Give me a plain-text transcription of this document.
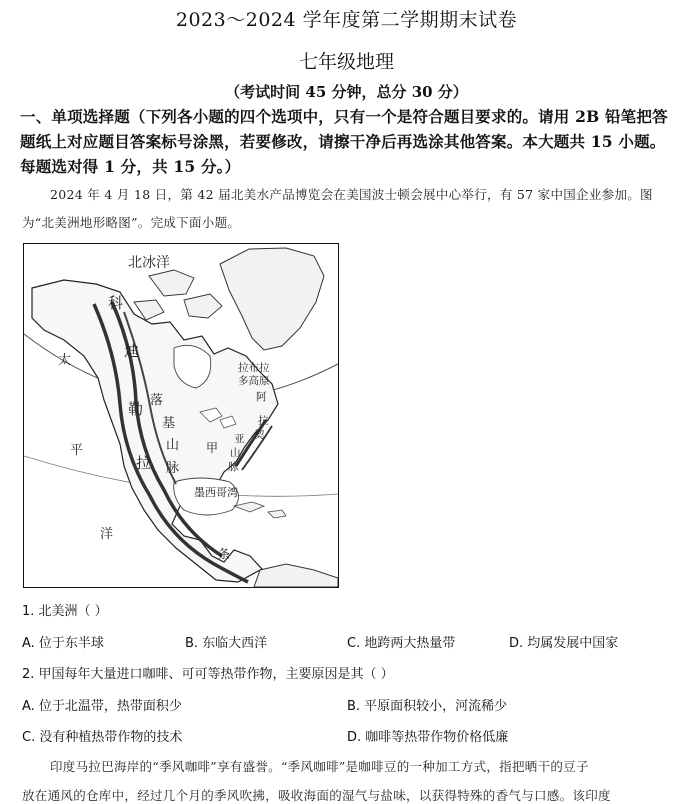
2023～2024 学年度第二学期期末试卷
七年级地理
（考试时间 45 分钟，总分 30 分）
一、单项选择题（下列各小题的四个选项中，只有一个是符合题目要求的。请用 2B 铅笔把答
题纸上对应题目答案标号涂黑，若要修改，请擦干净后再选涂其他答案。本大题共 15 小题。
每题选对得 1 分，共 15 分。）
2024 年 4 月 18 日，第 42 届北美水产品博览会在美国波士顿会展中心举行，有 57 家中国企业参加。图
为“北美洲地形略图”。完成下面小题。
北冰洋
科
迪
勒
拉
落
基
山
脉
太
平
洋
拉布拉
多高原
阿
拉
契
亚
山
甲
脉
墨西哥湾
条
1. 北美洲（ ）
A. 位于东半球	B. 东临大西洋	C. 地跨两大热量带	D. 均属发展中国家
2. 甲国每年大量进口咖啡、可可等热带作物，主要原因是其（ ）
A. 位于北温带，热带面积少	B. 平原面积较小，河流稀少
C. 没有种植热带作物的技术	D. 咖啡等热带作物价格低廉
印度马拉巴海岸的“季风咖啡”享有盛誉。“季风咖啡”是咖啡豆的一种加工方式，指把晒干的豆子
放在通风的仓库中，经过几个月的季风吹拂，吸收海面的湿气与盐味，以获得特殊的香气与口感。该印度
